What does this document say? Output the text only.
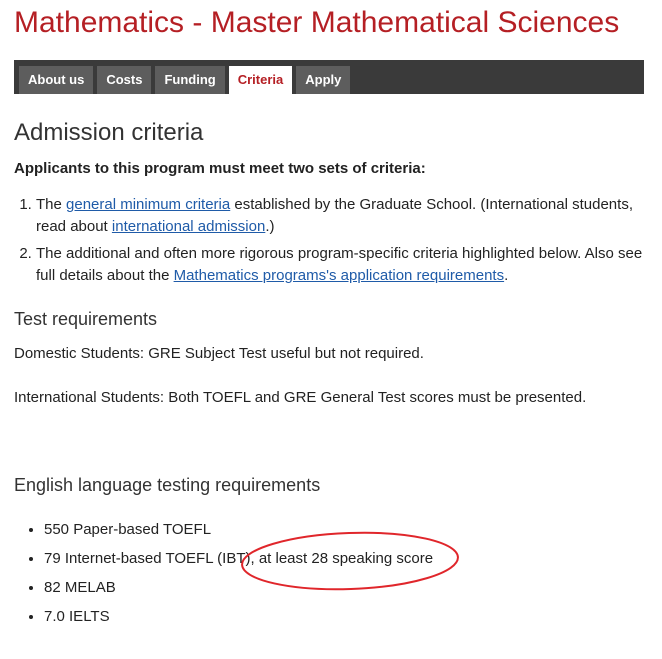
Mathematics - Master Mathematical Sciences
About us	Costs	Funding	Criteria	Apply
Admission criteria

Applicants to this program must meet two sets of criteria:

1. The general minimum criteria established by the Graduate School. (International students, read about international admission.)
2. The additional and often more rigorous program-specific criteria highlighted below. Also see full details about the Mathematics programs's application requirements.
Test requirements

Domestic Students: GRE Subject Test useful but not required.

International Students: Both TOEFL and GRE General Test scores must be presented.

English language testing requirements
• 550 Paper-based TOEFL
• 79 Internet-based TOEFL (IBT), at least 28 speaking score
• 82 MELAB
• 7.0 IELTS
